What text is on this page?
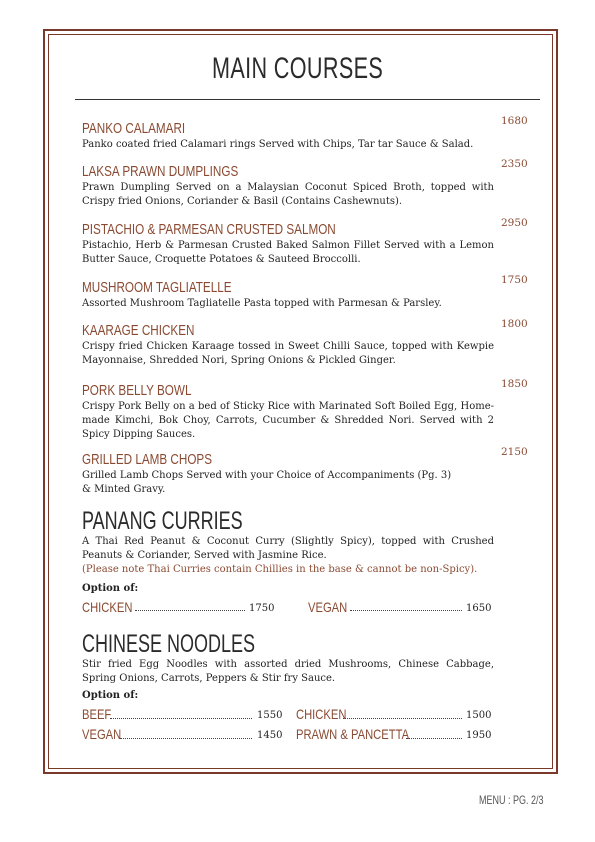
MAIN COURSES
PANKO CALAMARI
Panko coated fried Calamari rings Served with Chips, Tar tar Sauce & Salad.
1680
LAKSA PRAWN DUMPLINGS
Prawn Dumpling Served on a Malaysian Coconut Spiced Broth, topped with Crispy fried Onions, Coriander & Basil (Contains Cashewnuts).
2350
PISTACHIO & PARMESAN CRUSTED SALMON
Pistachio, Herb & Parmesan Crusted Baked Salmon Fillet Served with a Lemon Butter Sauce, Croquette Potatoes & Sauteed Broccolli.
2950
MUSHROOM TAGLIATELLE
Assorted Mushroom Tagliatelle Pasta topped with Parmesan & Parsley.
1750
KAARAGE CHICKEN
Crispy fried Chicken Karaage tossed in Sweet Chilli Sauce, topped with Kewpie Mayonnaise, Shredded Nori, Spring Onions & Pickled Ginger.
1800
PORK BELLY BOWL
Crispy Pork Belly on a bed of Sticky Rice with Marinated Soft Boiled Egg, Home-made Kimchi, Bok Choy, Carrots, Cucumber & Shredded Nori. Served with 2 Spicy Dipping Sauces.
1850
GRILLED LAMB CHOPS
Grilled Lamb Chops Served with your Choice of Accompaniments (Pg. 3)
& Minted Gravy.
2150
PANANG CURRIES
A Thai Red Peanut & Coconut Curry (Slightly Spicy), topped with Crushed Peanuts & Coriander, Served with Jasmine Rice.
(Please note Thai Curries contain Chillies in the base & cannot be non-Spicy).
Option of:
CHICKEN	1750 VEGAN	1650
CHINESE NOODLES
Stir fried Egg Noodles with assorted dried Mushrooms, Chinese Cabbage, Spring Onions, Carrots, Peppers & Stir fry Sauce.
Option of:
BEEF	1550 CHICKEN	1500
VEGAN	1450 PRAWN & PANCETTA	1950
MENU : PG. 2/3
